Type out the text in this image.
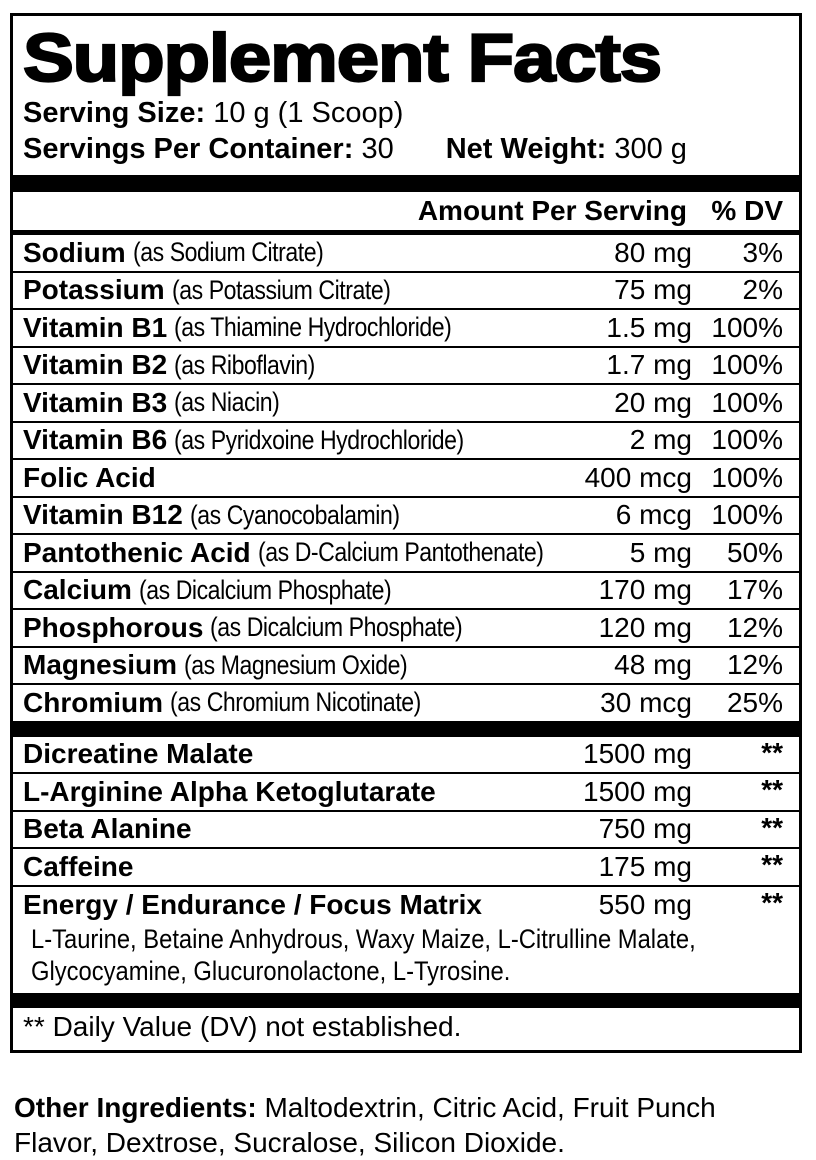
Supplement Facts
Serving Size: 10 g (1 Scoop)
Servings Per Container: 30 Net Weight: 300 g
Amount Per Serving % DV
Sodium (as Sodium Citrate)	80 mg 3%
Potassium (as Potassium Citrate)	75 mg 2%
Vitamin B1 (as Thiamine Hydrochloride)	1.5 mg 100%
Vitamin B2 (as Riboflavin)	1.7 mg 100%
Vitamin B3 (as Niacin)	20 mg 100%
Vitamin B6 (as Pyridxoine Hydrochloride)	2 mg 100%
Folic Acid	400 mcg 100%
Vitamin B12 (as Cyanocobalamin)	6 mcg 100%
Pantothenic Acid (as D-Calcium Pantothenate)	5 mg 50%
Calcium (as Dicalcium Phosphate)	170 mg 17%
Phosphorous (as Dicalcium Phosphate)	120 mg 12%
Magnesium (as Magnesium Oxide)	48 mg 12%
Chromium (as Chromium Nicotinate)	30 mcg 25%
Dicreatine Malate	1500 mg **
L-Arginine Alpha Ketoglutarate	1500 mg **
Beta Alanine	750 mg **
Caffeine	175 mg **
Energy / Endurance / Focus Matrix	550 mg **
L-Taurine, Betaine Anhydrous, Waxy Maize, L-Citrulline Malate,
Glycocyamine, Glucuronolactone, L-Tyrosine.
** Daily Value (DV) not established.

Other Ingredients: Maltodextrin, Citric Acid, Fruit Punch Flavor, Dextrose, Sucralose, Silicon Dioxide.
